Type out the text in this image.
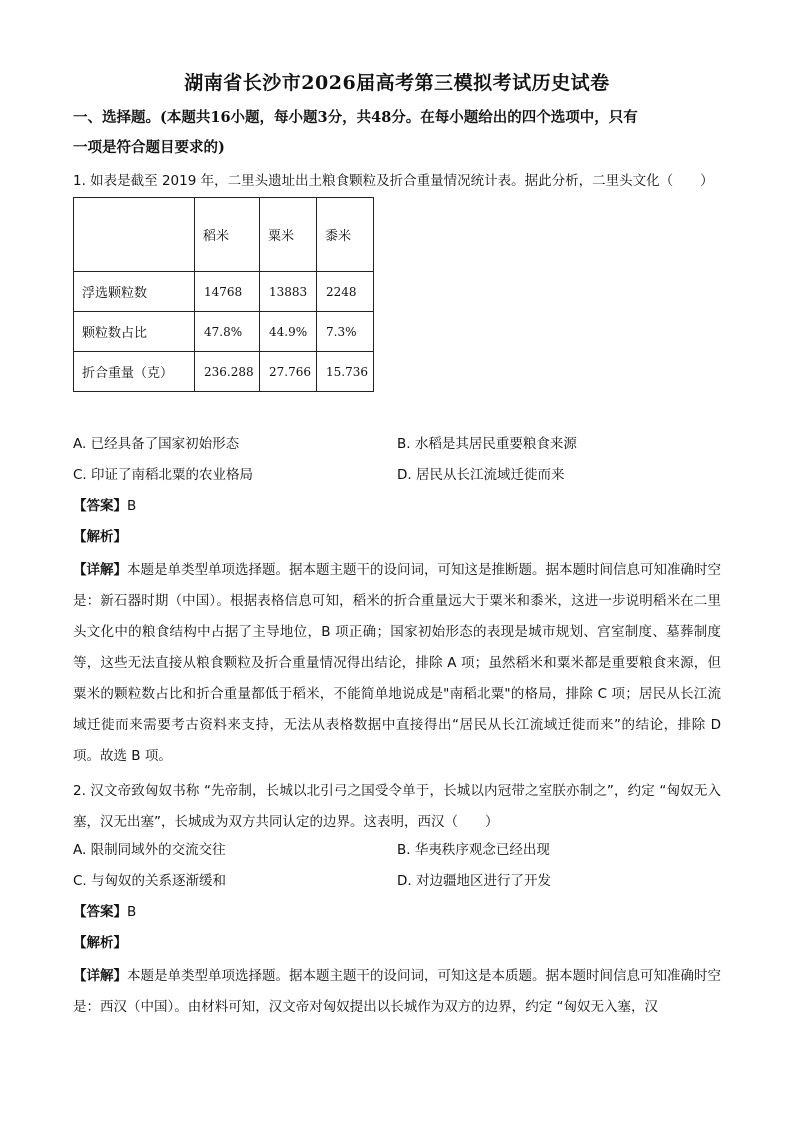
湖南省长沙市2026届高考第三模拟考试历史试卷
一、选择题。(本题共16小题，每小题3分，共48分。在每小题给出的四个选项中，只有
一项是符合题目要求的)
1. 如表是截至 2019 年，二里头遗址出土粮食颗粒及折合重量情况统计表。据此分析，二里头文化（　　）
	稻米	粟米	黍米
浮选颗粒数	14768	13883	2248
颗粒数占比	47.8%	44.9%	7.3%
折合重量（克）	236.288	27.766	15.736
A. 已经具备了国家初始形态	B. 水稻是其居民重要粮食来源
C. 印证了南稻北粟的农业格局	D. 居民从长江流域迁徙而来
【答案】B
【解析】
【详解】本题是单类型单项选择题。据本题主题干的设问词，可知这是推断题。据本题时间信息可知准确时空是：新石器时期（中国）。根据表格信息可知，稻米的折合重量远大于粟米和黍米，这进一步说明稻米在二里头文化中的粮食结构中占据了主导地位，B 项正确；国家初始形态的表现是城市规划、宫室制度、墓葬制度等，这些无法直接从粮食颗粒及折合重量情况得出结论，排除 A 项；虽然稻米和粟米都是重要粮食来源，但粟米的颗粒数占比和折合重量都低于稻米，不能简单地说成是"南稻北粟"的格局，排除 C 项；居民从长江流域迁徙而来需要考古资料来支持，无法从表格数据中直接得出“居民从长江流域迁徙而来”的结论，排除 D 项。故选 B 项。
2. 汉文帝致匈奴书称 “先帝制，长城以北引弓之国受令单于，长城以内冠带之室朕亦制之”，约定 “匈奴无入塞，汉无出塞”，长城成为双方共同认定的边界。这表明，西汉（　　）
A. 限制同域外的交流交往	B. 华夷秩序观念已经出现
C. 与匈奴的关系逐渐缓和	D. 对边疆地区进行了开发
【答案】B
【解析】
【详解】本题是单类型单项选择题。据本题主题干的设问词，可知这是本质题。据本题时间信息可知准确时空是：西汉（中国）。由材料可知，汉文帝对匈奴提出以长城作为双方的边界，约定 “匈奴无入塞，汉
